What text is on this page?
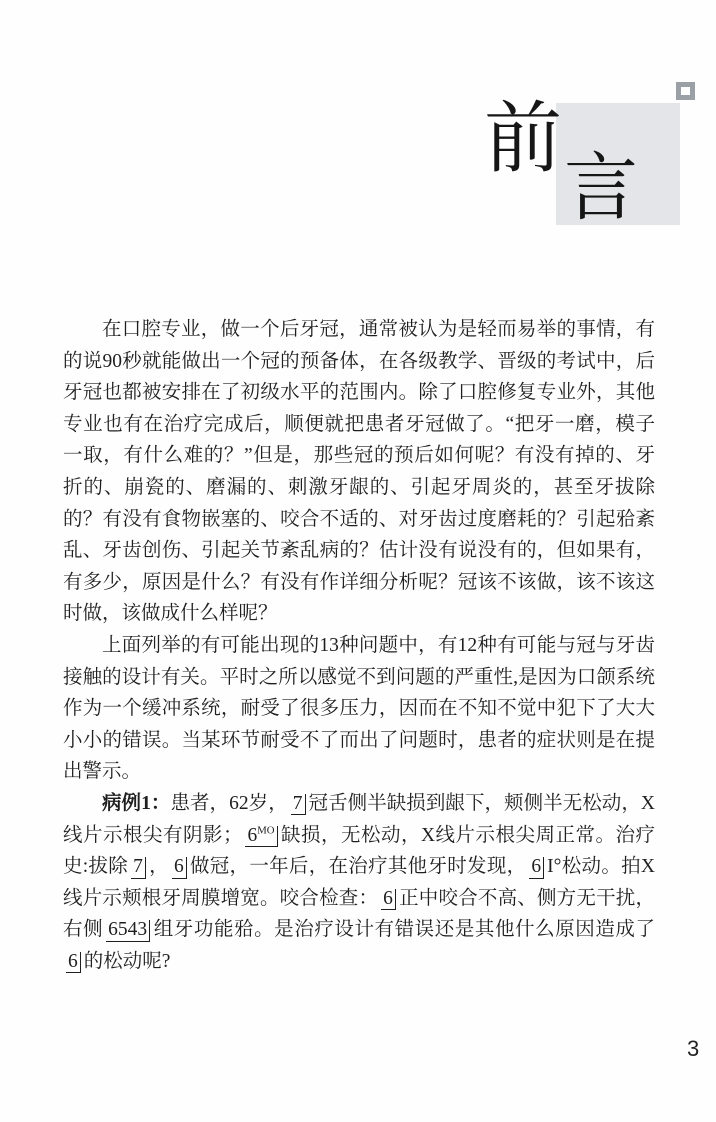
前
言

在口腔专业，做一个后牙冠，通常被认为是轻而易举的事情，有的说90秒就能做出一个冠的预备体，在各级教学、晋级的考试中，后牙冠也都被安排在了初级水平的范围内。除了口腔修复专业外，其他专业也有在治疗完成后，顺便就把患者牙冠做了。“把牙一磨，模子一取，有什么难的？”但是，那些冠的预后如何呢？有没有掉的、牙折的、崩瓷的、磨漏的、刺激牙龈的、引起牙周炎的，甚至牙拔除的？有没有食物嵌塞的、咬合不适的、对牙齿过度磨耗的？引起𬌗紊乱、牙齿创伤、引起关节紊乱病的？估计没有说没有的，但如果有，有多少，原因是什么？有没有作详细分析呢？冠该不该做，该不该这时做，该做成什么样呢？

上面列举的有可能出现的13种问题中，有12种有可能与冠与牙齿接触的设计有关。平时之所以感觉不到问题的严重性,是因为口颌系统作为一个缓冲系统，耐受了很多压力，因而在不知不觉中犯下了大大小小的错误。当某环节耐受不了而出了问题时，患者的症状则是在提出警示。

病例1：患者，62岁， 7 冠舌侧半缺损到龈下，颊侧半无松动，X线片示根尖有阴影； $6^{MO}$ 缺损，无松动，X线片示根尖周正常。治疗史:拔除 7 ， 6 做冠，一年后，在治疗其他牙时发现， 6 I°松动。拍X线片示颊根牙周膜增宽。咬合检查： 6 正中咬合不高、侧方无干扰，右侧 6543 组牙功能𬌗。是治疗设计有错误还是其他什么原因造成了6 的松动呢?

3
